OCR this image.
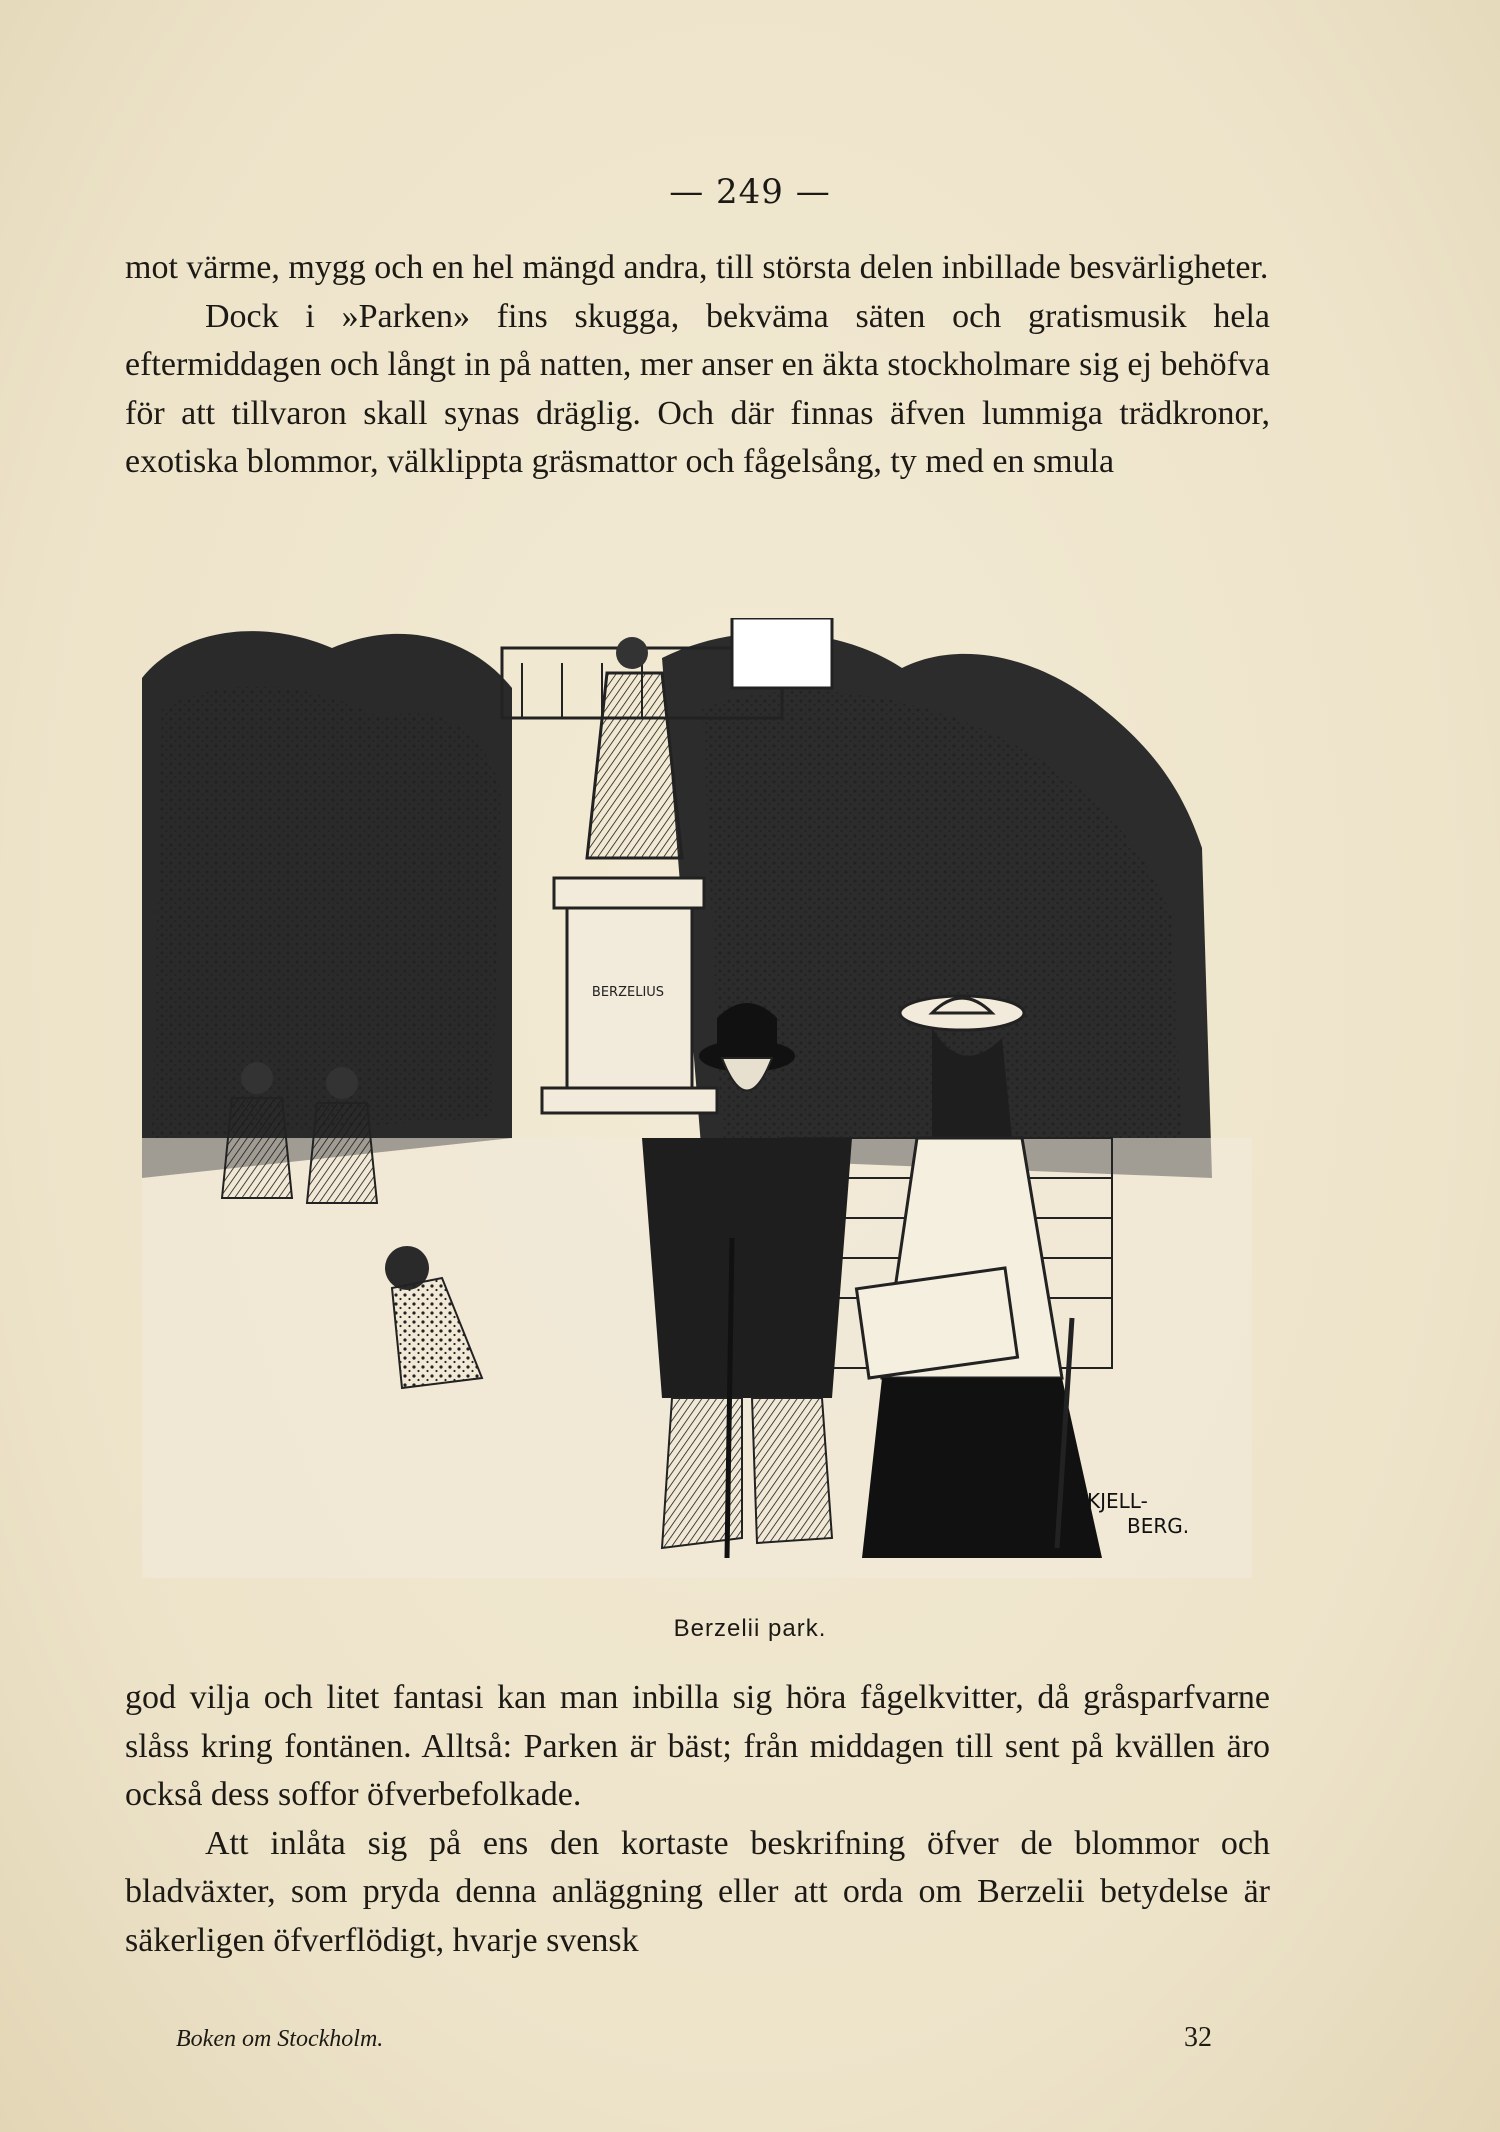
— 249 —

mot värme, mygg och en hel mängd andra, till största delen inbillade besvärligheter.

Dock i »Parken» fins skugga, bekväma säten och gratismusik hela eftermiddagen och långt in på natten, mer anser en äkta stockholmare sig ej behöfva för att tillvaron skall synas dräglig. Och där finnas äfven lummiga trädkronor, exotiska blommor, välklippta gräsmattor och fågelsång, ty med en smula

BERZELIUS
KJELL-
BERG.
Berzelii park.

god vilja och litet fantasi kan man inbilla sig höra fågelkvitter, då gråsparfvarne slåss kring fontänen. Alltså: Parken är bäst; från middagen till sent på kvällen äro också dess soffor öfverbefolkade.

Att inlåta sig på ens den kortaste beskrifning öfver de blommor och bladväxter, som pryda denna anläggning eller att orda om Berzelii betydelse är säkerligen öfverflödigt, hvarje svensk

Boken om Stockholm.	32
